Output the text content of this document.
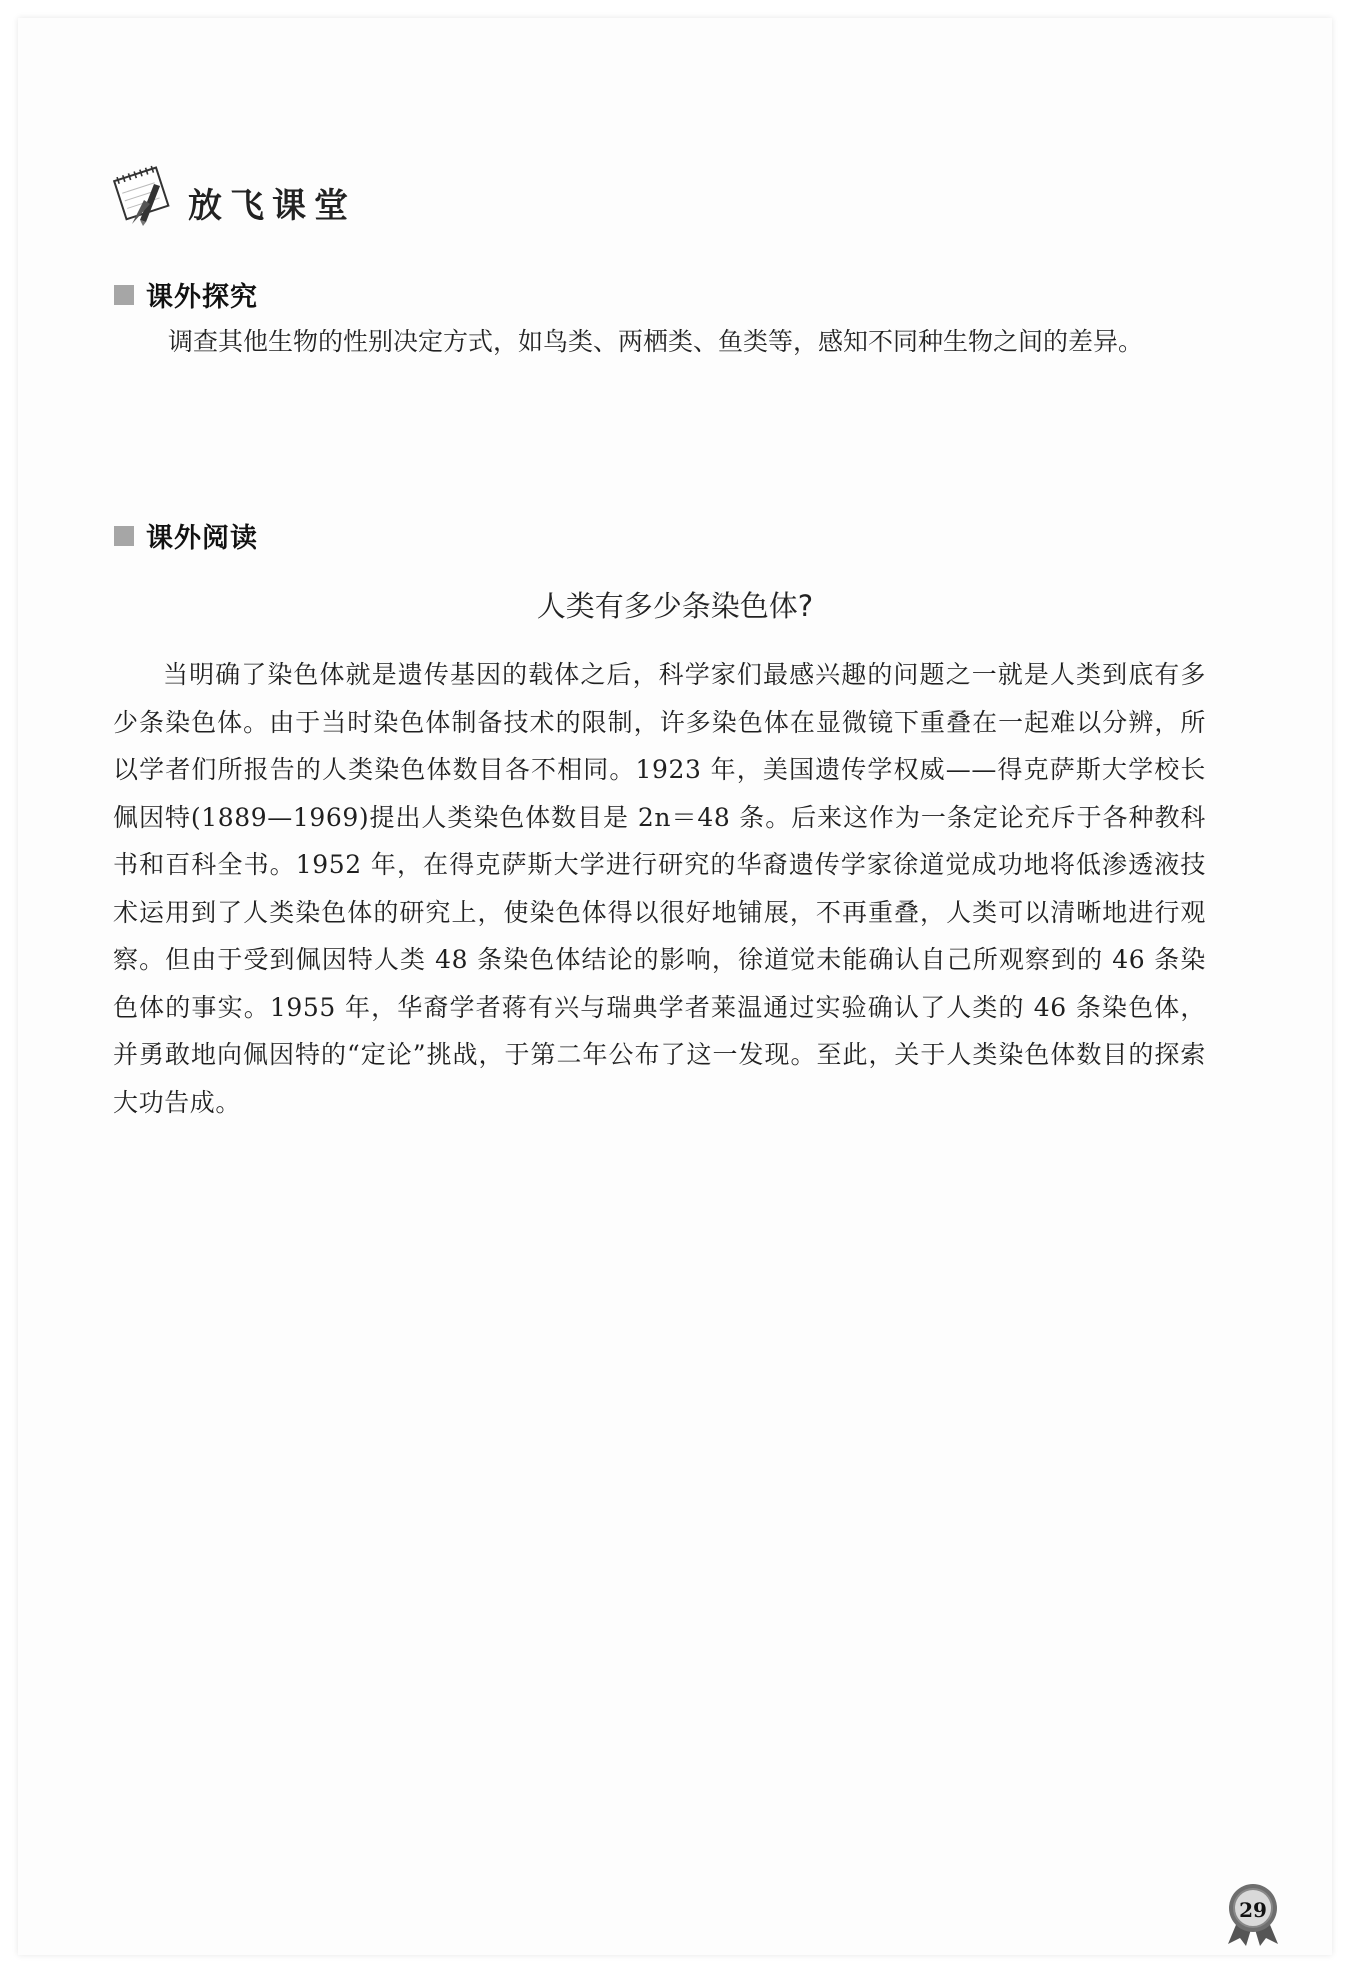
放飞课堂
课外探究
调查其他生物的性别决定方式，如鸟类、两栖类、鱼类等，感知不同种生物之间的差异。
课外阅读
人类有多少条染色体?

当明确了染色体就是遗传基因的载体之后，科学家们最感兴趣的问题之一就是人类到底有多少条染色体。由于当时染色体制备技术的限制，许多染色体在显微镜下重叠在一起难以分辨，所以学者们所报告的人类染色体数目各不相同。1923 年，美国遗传学权威——得克萨斯大学校长佩因特(1889—1969)提出人类染色体数目是 2n＝48 条。后来这作为一条定论充斥于各种教科书和百科全书。1952 年，在得克萨斯大学进行研究的华裔遗传学家徐道觉成功地将低渗透液技术运用到了人类染色体的研究上，使染色体得以很好地铺展，不再重叠，人类可以清晰地进行观察。但由于受到佩因特人类 48 条染色体结论的影响，徐道觉未能确认自己所观察到的 46 条染色体的事实。1955 年，华裔学者蒋有兴与瑞典学者莱温通过实验确认了人类的 46 条染色体，并勇敢地向佩因特的“定论”挑战，于第二年公布了这一发现。至此，关于人类染色体数目的探索大功告成。

29
